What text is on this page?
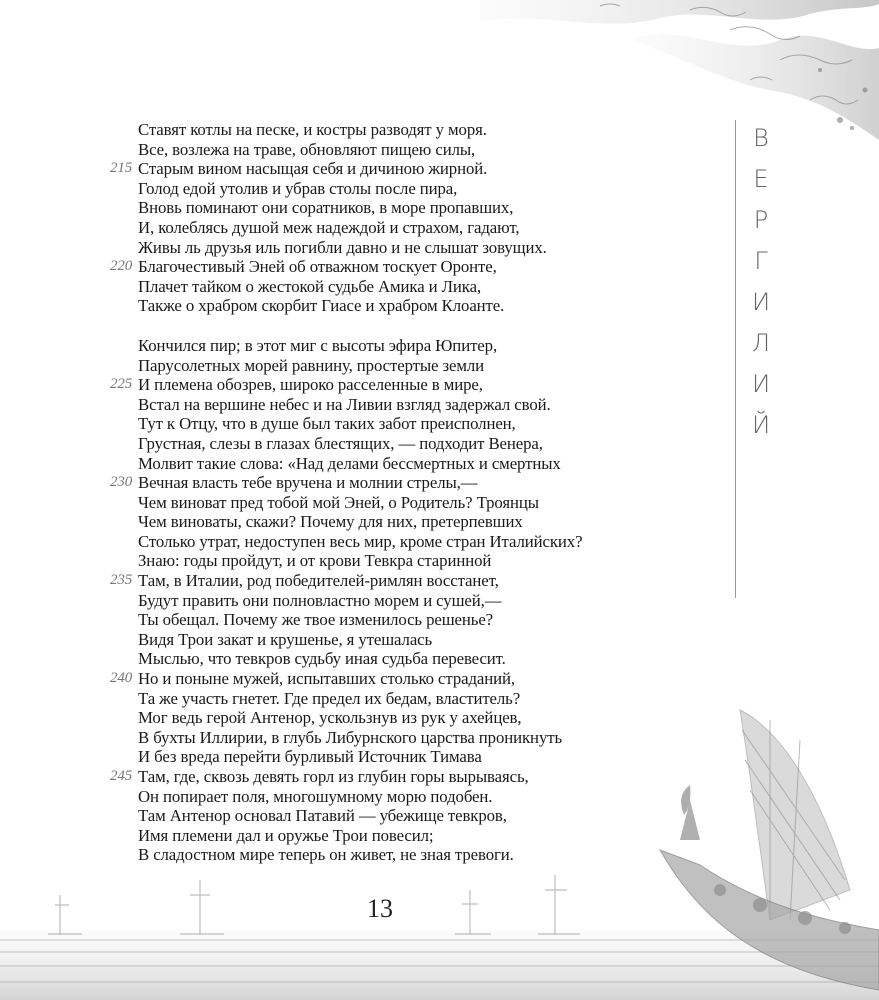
Ставят котлы на песке, и костры разводят у моря.
Все, возлежа на траве, обновляют пищею силы,
215 Старым вином насыщая себя и дичиною жирной.
Голод едой утолив и убрав столы после пира,
Вновь поминают они соратников, в море пропавших,
И, колеблясь душой меж надеждой и страхом, гадают,
Живы ль друзья иль погибли давно и не слышат зовущих.
220 Благочестивый Эней об отважном тоскует Оронте,
Плачет тайком о жестокой судьбе Амика и Лика,
Также о храбром скорбит Гиасе и храбром Клоанте.
Кончился пир; в этот миг с высоты эфира Юпитер,
Парусолетных морей равнину, простертые земли
225 И племена обозрев, широко расселенные в мире,
Встал на вершине небес и на Ливии взгляд задержал свой.
Тут к Отцу, что в душе был таких забот преисполнен,
Грустная, слезы в глазах блестящих, — подходит Венера,
Молвит такие слова: «Над делами бессмертных и смертных
230 Вечная власть тебе вручена и молнии стрелы,—
Чем виноват пред тобой мой Эней, о Родитель? Троянцы
Чем виноваты, скажи? Почему для них, претерпевших
Столько утрат, недоступен весь мир, кроме стран Италийских?
Знаю: годы пройдут, и от крови Тевкра старинной
235 Там, в Италии, род победителей-римлян восстанет,
Будут править они полновластно морем и сушей,—
Ты обещал. Почему же твое изменилось решенье?
Видя Трои закат и крушенье, я утешалась
Мыслью, что тевкров судьбу иная судьба перевесит.
240 Но и поныне мужей, испытавших столько страданий,
Та же участь гнетет. Где предел их бедам, властитель?
Мог ведь герой Антенор, ускользнув из рук у ахейцев,
В бухты Иллирии, в глубь Либурнского царства проникнуть
И без вреда перейти бурливый Источник Тимава
245 Там, где, сквозь девять горл из глубин горы вырываясь,
Он попирает поля, многошумному морю подобен.
Там Антенор основал Патавий — убежище тевкров,
Имя племени дал и оружье Трои повесил;
В сладостном мире теперь он живет, не зная тревоги.
В
Е
Р
Г
И
Л
И
Й
13
